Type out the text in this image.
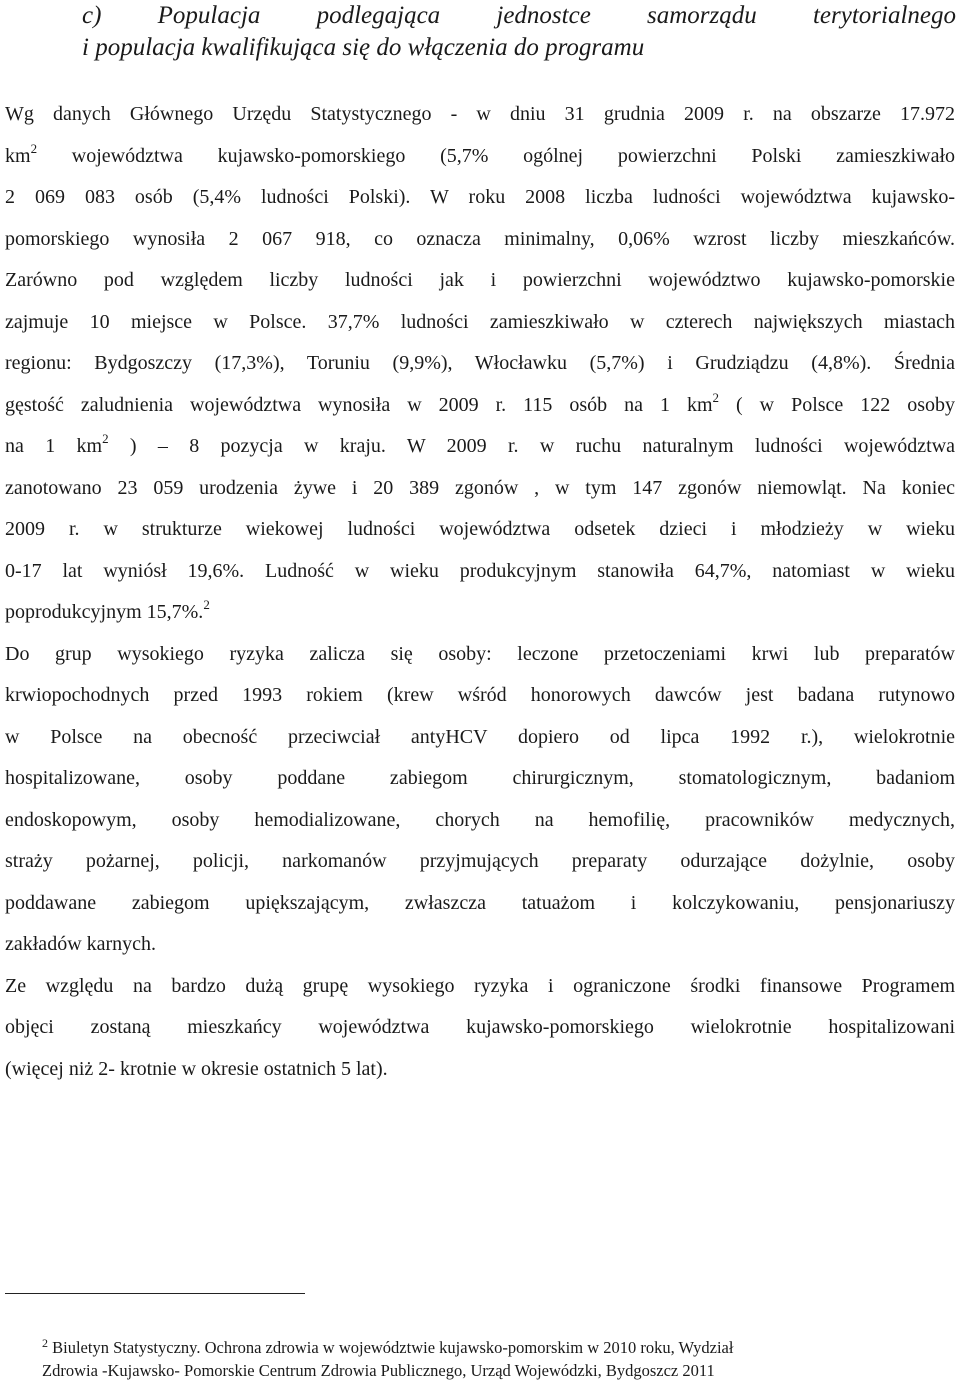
c) Populacja podlegająca jednostce samorządu terytorialnego
i populacja kwalifikująca się do włączenia do programu
Wg danych Głównego Urzędu Statystycznego - w dniu 31 grudnia 2009 r. na obszarze 17.972
$km^2$ województwa kujawsko-pomorskiego (5,7% ogólnej powierzchni Polski zamieszkiwało
2 069 083 osób (5,4% ludności Polski). W roku 2008 liczba ludności województwa kujawsko-
pomorskiego wynosiła 2 067 918, co oznacza minimalny, 0,06% wzrost liczby mieszkańców.
Zarówno pod względem liczby ludności jak i powierzchni województwo kujawsko-pomorskie
zajmuje 10 miejsce w Polsce. 37,7% ludności zamieszkiwało w czterech największych miastach
regionu: Bydgoszczy (17,3%), Toruniu (9,9%), Włocławku (5,7%) i Grudziądzu (4,8%). Średnia
gęstość zaludnienia województwa wynosiła w 2009 r. 115 osób na 1 $km^2$ ( w Polsce 122 osoby
na 1 $km^2$ ) – 8 pozycja w kraju. W 2009 r. w ruchu naturalnym ludności województwa
zanotowano 23 059 urodzenia żywe i 20 389 zgonów , w tym 147 zgonów niemowląt. Na koniec
2009 r. w strukturze wiekowej ludności województwa odsetek dzieci i młodzieży w wieku
0-17 lat wyniósł 19,6%. Ludność w wieku produkcyjnym stanowiła 64,7%, natomiast w wieku
poprodukcyjnym 15,7%.$^2$
Do grup wysokiego ryzyka zalicza się osoby: leczone przetoczeniami krwi lub preparatów
krwiopochodnych przed 1993 rokiem (krew wśród honorowych dawców jest badana rutynowo
w Polsce na obecność przeciwciał antyHCV dopiero od lipca 1992 r.), wielokrotnie
hospitalizowane, osoby poddane zabiegom chirurgicznym, stomatologicznym, badaniom
endoskopowym, osoby hemodializowane, chorych na hemofilię, pracowników medycznych,
straży pożarnej, policji, narkomanów przyjmujących preparaty odurzające dożylnie, osoby
poddawane zabiegom upiększającym, zwłaszcza tatuażom i kolczykowaniu, pensjonariuszy
zakładów karnych.
Ze względu na bardzo dużą grupę wysokiego ryzyka i ograniczone środki finansowe Programem
objęci zostaną mieszkańcy województwa kujawsko-pomorskiego wielokrotnie hospitalizowani
(więcej niż 2- krotnie w okresie ostatnich 5 lat).
$^2$ Biuletyn Statystyczny. Ochrona zdrowia w województwie kujawsko-pomorskim w 2010 roku, Wydział
Zdrowia -Kujawsko- Pomorskie Centrum Zdrowia Publicznego, Urząd Wojewódzki, Bydgoszcz 2011
